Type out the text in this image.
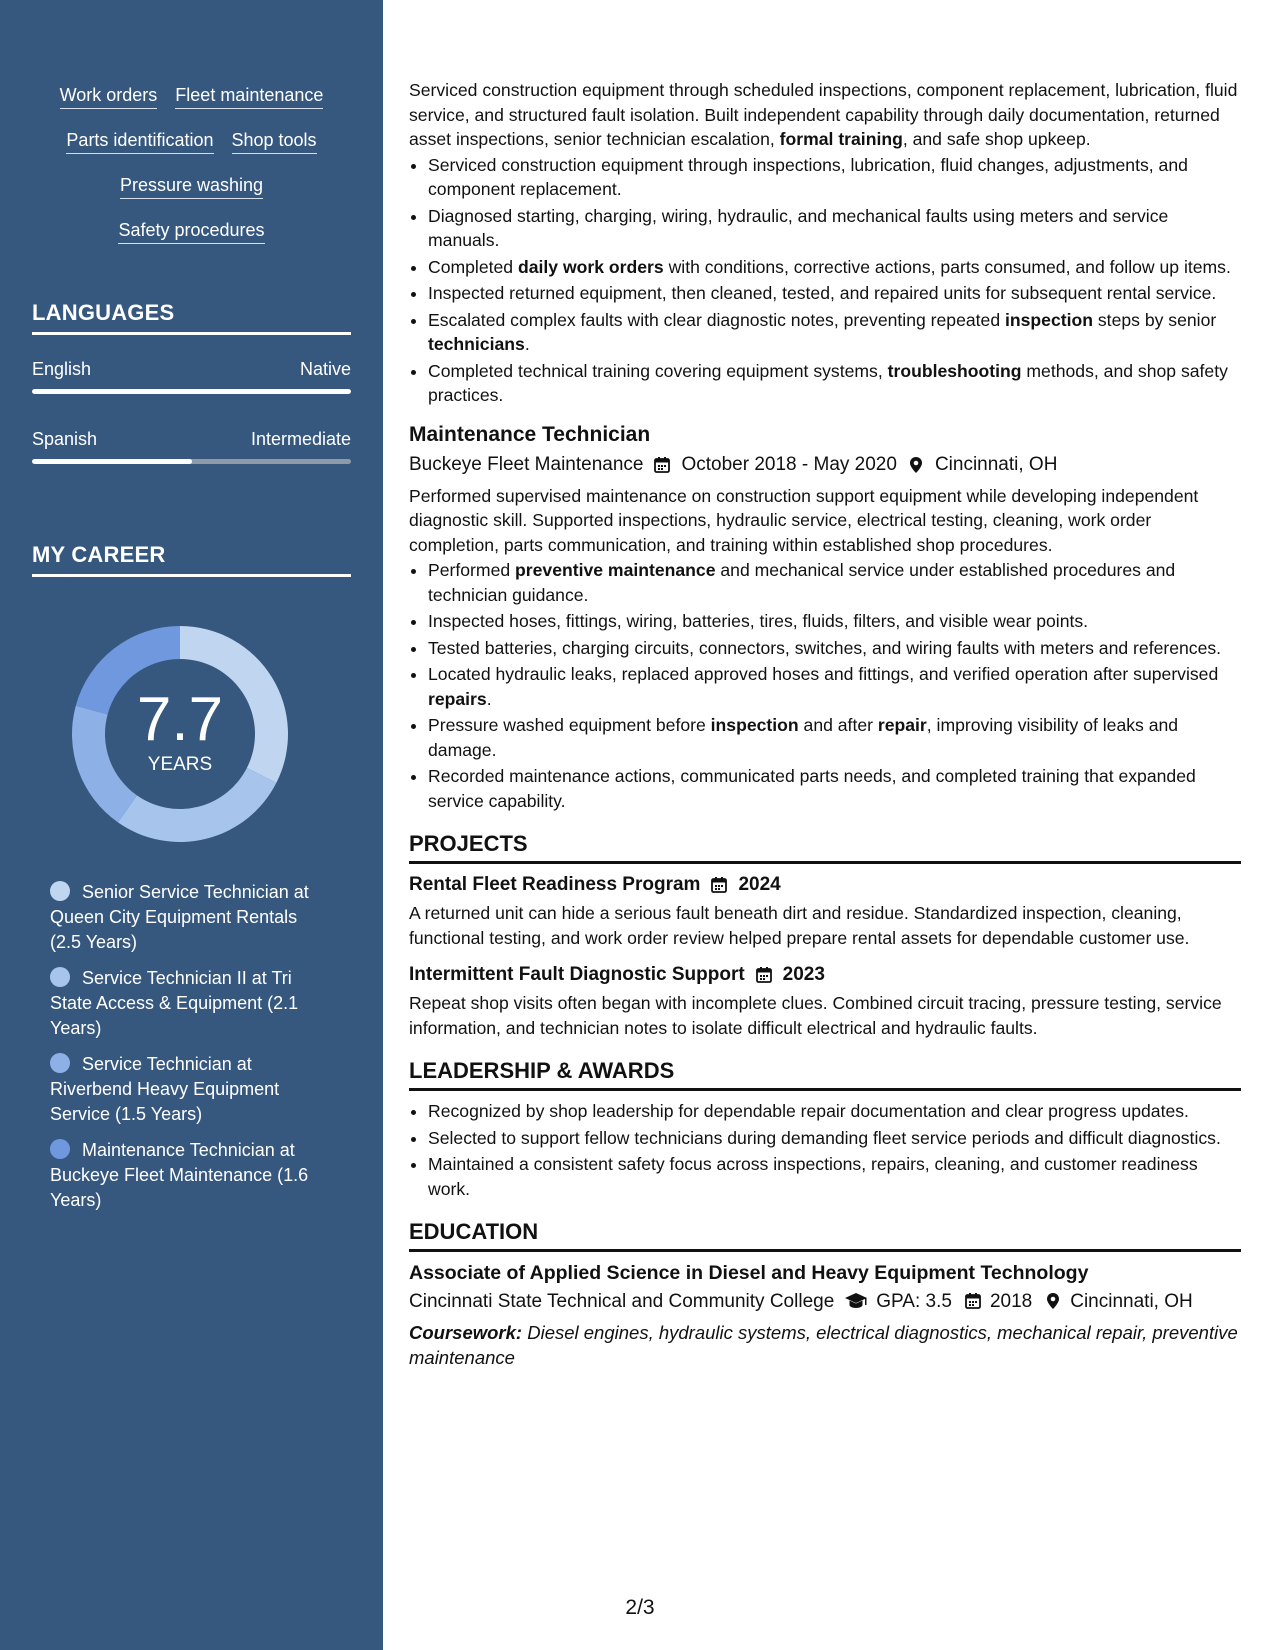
Work orders Fleet maintenance
Parts identification Shop tools
Pressure washing
Safety procedures
LANGUAGES
English	Native
Spanish	Intermediate
MY CAREER
7.7
YEARS
Senior Service Technician at Queen City Equipment Rentals (2.5 Years)
Service Technician II at Tri State Access & Equipment (2.1 Years)
Service Technician at Riverbend Heavy Equipment Service (1.5 Years)
Maintenance Technician at Buckeye Fleet Maintenance (1.6 Years)

Serviced construction equipment through scheduled inspections, component replacement, lubrication, fluid service, and structured fault isolation. Built independent capability through daily documentation, returned asset inspections, senior technician escalation, formal training, and safe shop upkeep.

• Serviced construction equipment through inspections, lubrication, fluid changes, adjustments, and component replacement.
• Diagnosed starting, charging, wiring, hydraulic, and mechanical faults using meters and service manuals.
• Completed daily work orders with conditions, corrective actions, parts consumed, and follow up items.
• Inspected returned equipment, then cleaned, tested, and repaired units for subsequent rental service.
• Escalated complex faults with clear diagnostic notes, preventing repeated inspection steps by senior technicians.
• Completed technical training covering equipment systems, troubleshooting methods, and shop safety practices.
Maintenance Technician
Buckeye Fleet Maintenance October 2018 - May 2020 Cincinnati, OH

Performed supervised maintenance on construction support equipment while developing independent diagnostic skill. Supported inspections, hydraulic service, electrical testing, cleaning, work order completion, parts communication, and training within established shop procedures.

• Performed preventive maintenance and mechanical service under established procedures and technician guidance.
• Inspected hoses, fittings, wiring, batteries, tires, fluids, filters, and visible wear points.
• Tested batteries, charging circuits, connectors, switches, and wiring faults with meters and references.
• Located hydraulic leaks, replaced approved hoses and fittings, and verified operation after supervised repairs.
• Pressure washed equipment before inspection and after repair, improving visibility of leaks and damage.
• Recorded maintenance actions, communicated parts needs, and completed training that expanded service capability.
PROJECTS
Rental Fleet Readiness Program 2024

A returned unit can hide a serious fault beneath dirt and residue. Standardized inspection, cleaning, functional testing, and work order review helped prepare rental assets for dependable customer use.

Intermittent Fault Diagnostic Support 2023

Repeat shop visits often began with incomplete clues. Combined circuit tracing, pressure testing, service information, and technician notes to isolate difficult electrical and hydraulic faults.

LEADERSHIP & AWARDS
• Recognized by shop leadership for dependable repair documentation and clear progress updates.
• Selected to support fellow technicians during demanding fleet service periods and difficult diagnostics.
• Maintained a consistent safety focus across inspections, repairs, cleaning, and customer readiness work.
EDUCATION
Associate of Applied Science in Diesel and Heavy Equipment Technology
Cincinnati State Technical and Community College GPA: 3.5 2018 Cincinnati, OH

Coursework: Diesel engines, hydraulic systems, electrical diagnostics, mechanical repair, preventive maintenance

2/3
